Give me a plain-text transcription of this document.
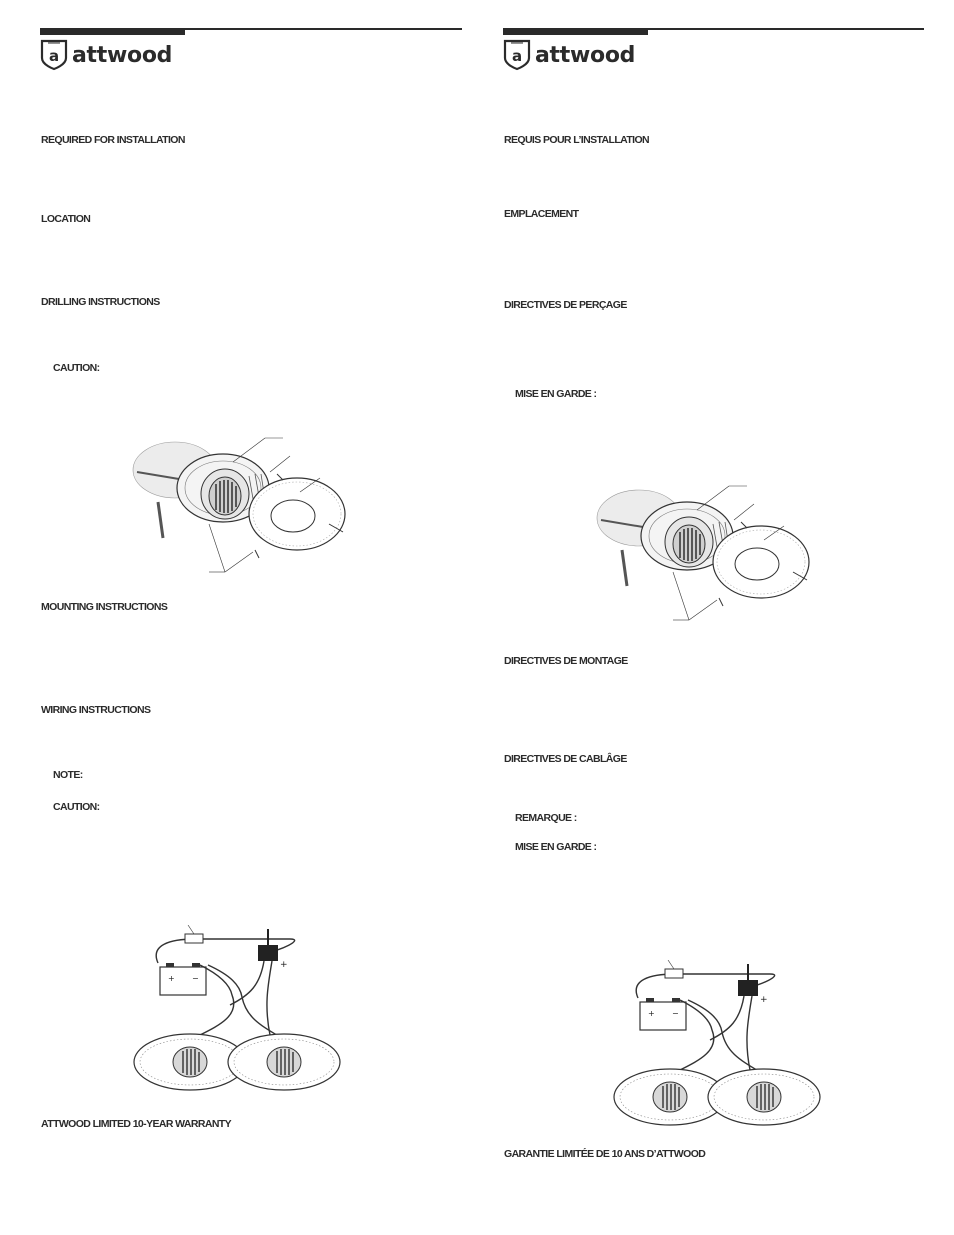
a attwood
REQUIRED FOR INSTALLATION
LOCATION
DRILLING INSTRUCTIONS
CAUTION:
MOUNTING INSTRUCTIONS
WIRING INSTRUCTIONS
NOTE:
CAUTION:
+ −
+
ATTWOOD LIMITED 10-YEAR WARRANTY
a attwood
REQUIS POUR L’INSTALLATION
EMPLACEMENT
DIRECTIVES DE PERÇAGE
MISE EN GARDE :
DIRECTIVES DE MONTAGE
DIRECTIVES DE CABLÂGE
REMARQUE :
MISE EN GARDE :
+ −
+
GARANTIE LIMITÉE DE 10 ANS D’ATTWOOD
